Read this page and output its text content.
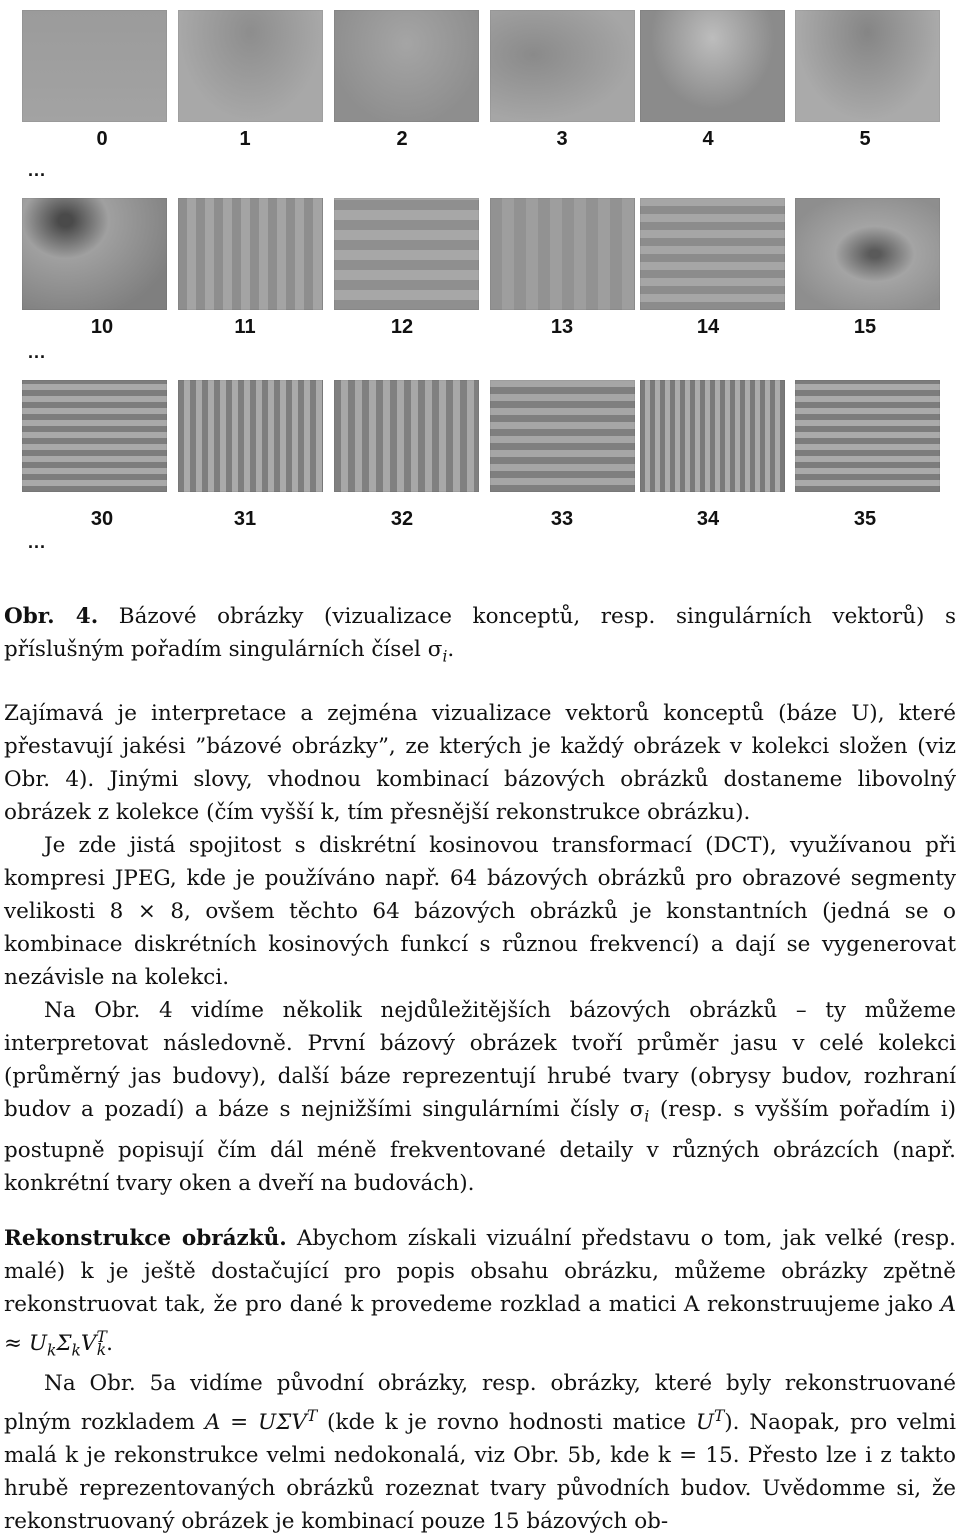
0	1	2	3	4	5
...
10	11	12	13	14	15
...
30	31	32	33	34	35
...

Obr. 4. Bázové obrázky (vizualizace konceptů, resp. singulárních vektorů) s příslušným pořadím singulárních čísel $\sigma_i$.

Zajímavá je interpretace a zejména vizualizace vektorů konceptů (báze U), které přestavují jakési ”bázové obrázky”, ze kterých je každý obrázek v kolekci složen (viz Obr. 4). Jinými slovy, vhodnou kombinací bázových obrázků dostaneme libovolný obrázek z kolekce (čím vyšší k, tím přesnější rekonstrukce obrázku).

Je zde jistá spojitost s diskrétní kosinovou transformací (DCT), využívanou při kompresi JPEG, kde je používáno např. 64 bázových obrázků pro obrazové segmenty velikosti 8 × 8, ovšem těchto 64 bázových obrázků je konstantních (jedná se o kombinace diskrétních kosinových funkcí s různou frekvencí) a dají se vygenerovat nezávisle na kolekci.

Na Obr. 4 vidíme několik nejdůležitějších bázových obrázků – ty můžeme interpretovat následovně. První bázový obrázek tvoří průměr jasu v celé kolekci (průměrný jas budovy), další báze reprezentují hrubé tvary (obrysy budov, rozhraní budov a pozadí) a báze s nejnižšími singulárními čísly $\sigma_i$ (resp. s vyšším pořadím i) postupně popisují čím dál méně frekventované detaily v různých obrázcích (např. konkrétní tvary oken a dveří na budovách).

Rekonstrukce obrázků. Abychom získali vizuální představu o tom, jak velké (resp. malé) k je ještě dostačující pro popis obsahu obrázku, můžeme obrázky zpětně rekonstruovat tak, že pro dané k provedeme rozklad a matici A rekonstruujeme jako $A \approx U_k\Sigma_kV^T_k$.

Na Obr. 5a vidíme původní obrázky, resp. obrázky, které byly rekonstruované plným rozkladem $A = U\Sigma V^T$ (kde k je rovno hodnosti matice $U^T$). Naopak, pro velmi malá k je rekonstrukce velmi nedokonalá, viz Obr. 5b, kde k = 15. Přesto lze i z takto hrubě reprezentovaných obrázků rozeznat tvary původních budov. Uvědomme si, že rekonstruovaný obrázek je kombinací pouze 15 bázových ob-
